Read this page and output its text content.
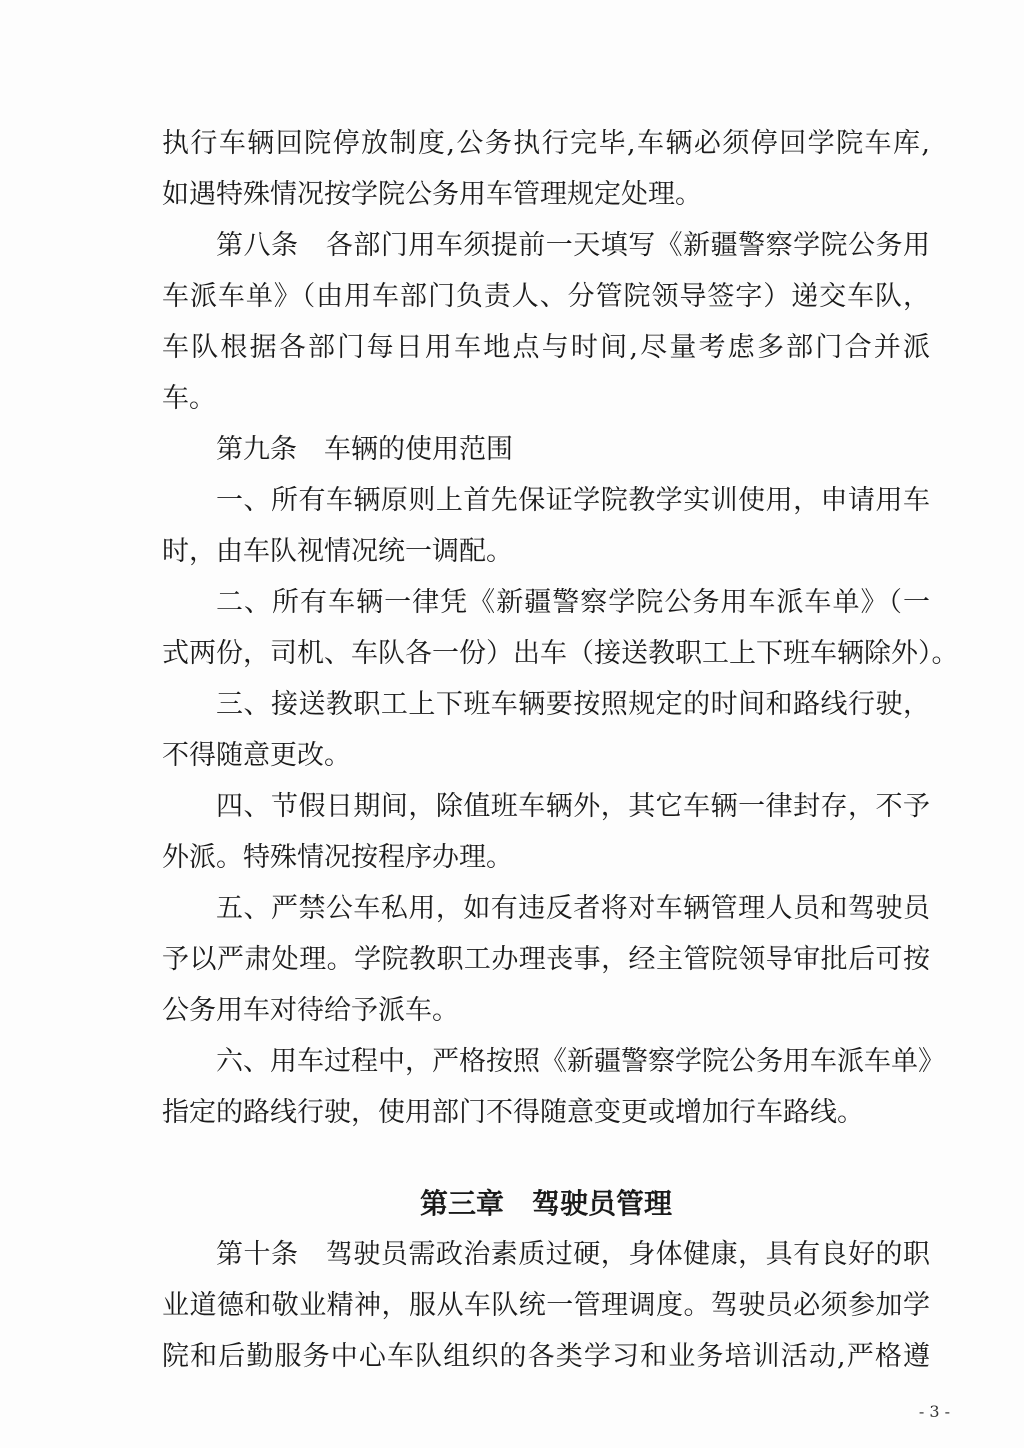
执行车辆回院停放制度,公务执行完毕,车辆必须停回学院车库,
如遇特殊情况按学院公务用车管理规定处理。
第八条　各部门用车须提前一天填写《新疆警察学院公务用
车派车单》（由用车部门负责人、分管院领导签字）递交车队，
车队根据各部门每日用车地点与时间,尽量考虑多部门合并派
车。
第九条　车辆的使用范围
一、所有车辆原则上首先保证学院教学实训使用，申请用车
时，由车队视情况统一调配。
二、所有车辆一律凭《新疆警察学院公务用车派车单》（一
式两份，司机、车队各一份）出车（接送教职工上下班车辆除外）。
三、接送教职工上下班车辆要按照规定的时间和路线行驶，
不得随意更改。
四、节假日期间，除值班车辆外，其它车辆一律封存，不予
外派。特殊情况按程序办理。
五、严禁公车私用，如有违反者将对车辆管理人员和驾驶员
予以严肃处理。学院教职工办理丧事，经主管院领导审批后可按
公务用车对待给予派车。
六、用车过程中，严格按照《新疆警察学院公务用车派车单》
指定的路线行驶，使用部门不得随意变更或增加行车路线。
第三章　驾驶员管理
第十条　驾驶员需政治素质过硬，身体健康，具有良好的职
业道德和敬业精神，服从车队统一管理调度。驾驶员必须参加学
院和后勤服务中心车队组织的各类学习和业务培训活动,严格遵
- 3 -
